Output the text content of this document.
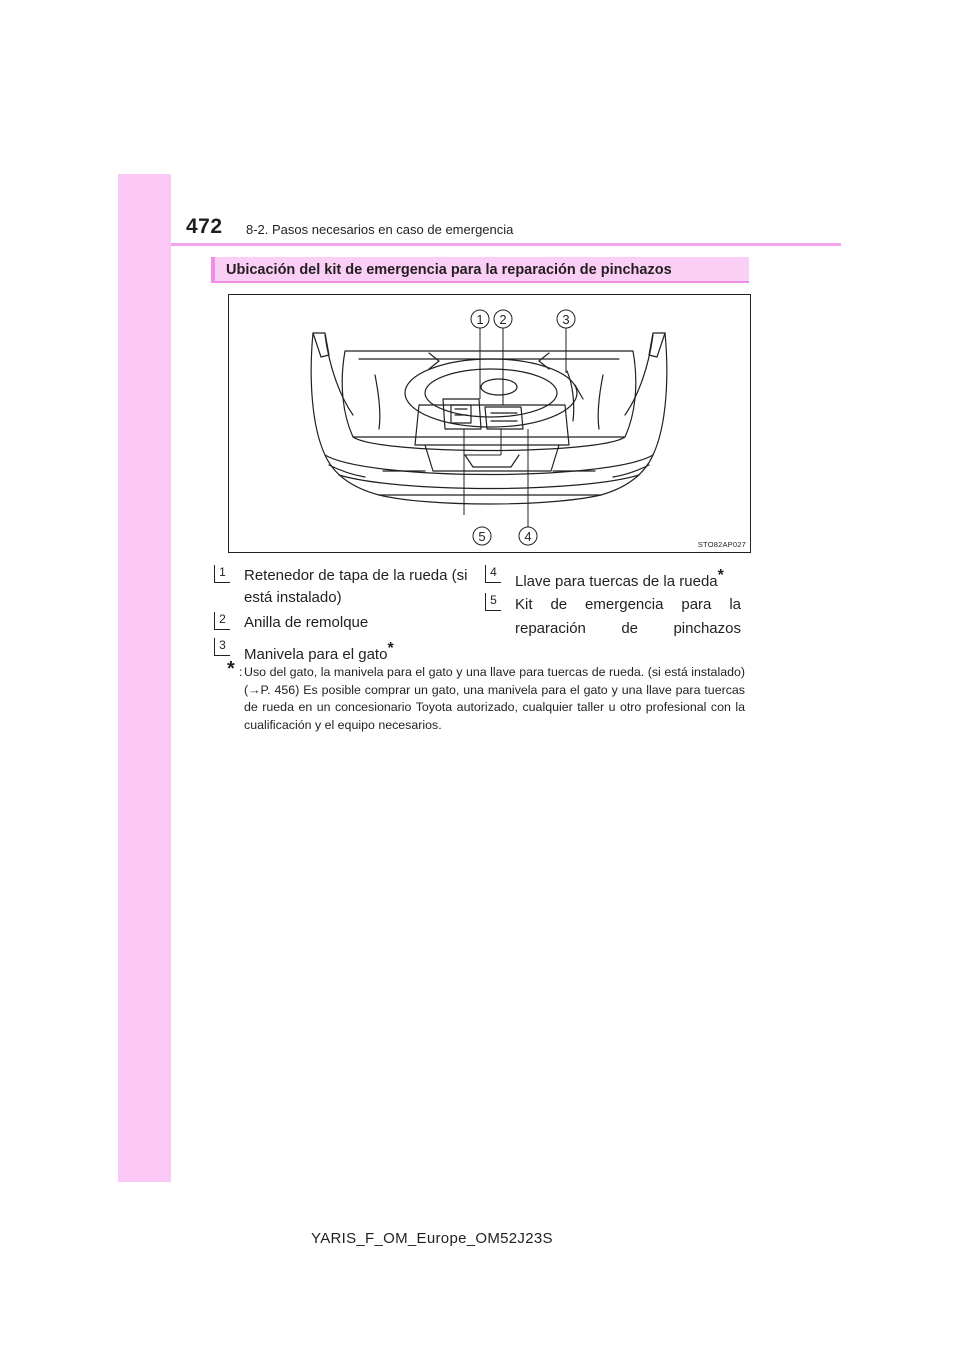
472 8-2. Pasos necesarios en caso de emergencia
Ubicación del kit de emergencia para la reparación de pinchazos
1 2	3
4
5
STO82AP027
1 Retenedor de tapa de la rueda (si está instalado)
2 Anilla de remolque
3
Manivela para el gato*
4
Llave para tuercas de la rueda*
5 Kit de emergencia para la reparación de pinchazos
* : Uso del gato, la manivela para el gato y una llave para tuercas de rueda. (si está instalado) (→P. 456) Es posible comprar un gato, una manivela para el gato y una llave para tuercas de rueda en un concesionario Toyota autorizado, cualquier taller u otro profesional con la cualificación y el equipo necesarios.
YARIS_F_OM_Europe_OM52J23S
